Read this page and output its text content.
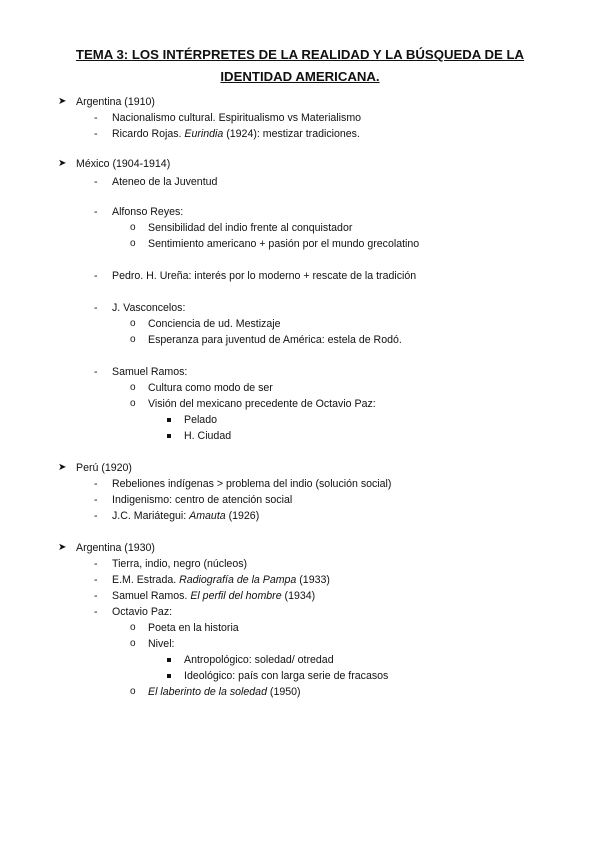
TEMA 3: LOS INTÉRPRETES DE LA REALIDAD Y LA BÚSQUEDA DE LA
IDENTIDAD AMERICANA.
➤ Argentina (1910)
- Nacionalismo cultural. Espiritualismo vs Materialismo
- Ricardo Rojas. Eurindia (1924): mestizar tradiciones.
➤ México (1904-1914)
- Ateneo de la Juventud
- Alfonso Reyes:
o Sensibilidad del indio frente al conquistador
o Sentimiento americano + pasión por el mundo grecolatino
- Pedro. H. Ureña: interés por lo moderno + rescate de la tradición
- J. Vasconcelos:
o Conciencia de ud. Mestizaje
o Esperanza para juventud de América: estela de Rodó.
- Samuel Ramos:
o Cultura como modo de ser
o Visión del mexicano precedente de Octavio Paz:
Pelado
H. Ciudad
➤ Perú (1920)
- Rebeliones indígenas > problema del indio (solución social)
- Indigenismo: centro de atención social
- J.C. Mariátegui: Amauta (1926)
➤ Argentina (1930)
- Tierra, indio, negro (núcleos)
- E.M. Estrada. Radiografía de la Pampa (1933)
- Samuel Ramos. El perfil del hombre (1934)
- Octavio Paz:
o Poeta en la historia
o Nivel:
Antropológico: soledad/ otredad
Ideológico: país con larga serie de fracasos
o El laberinto de la soledad (1950)
